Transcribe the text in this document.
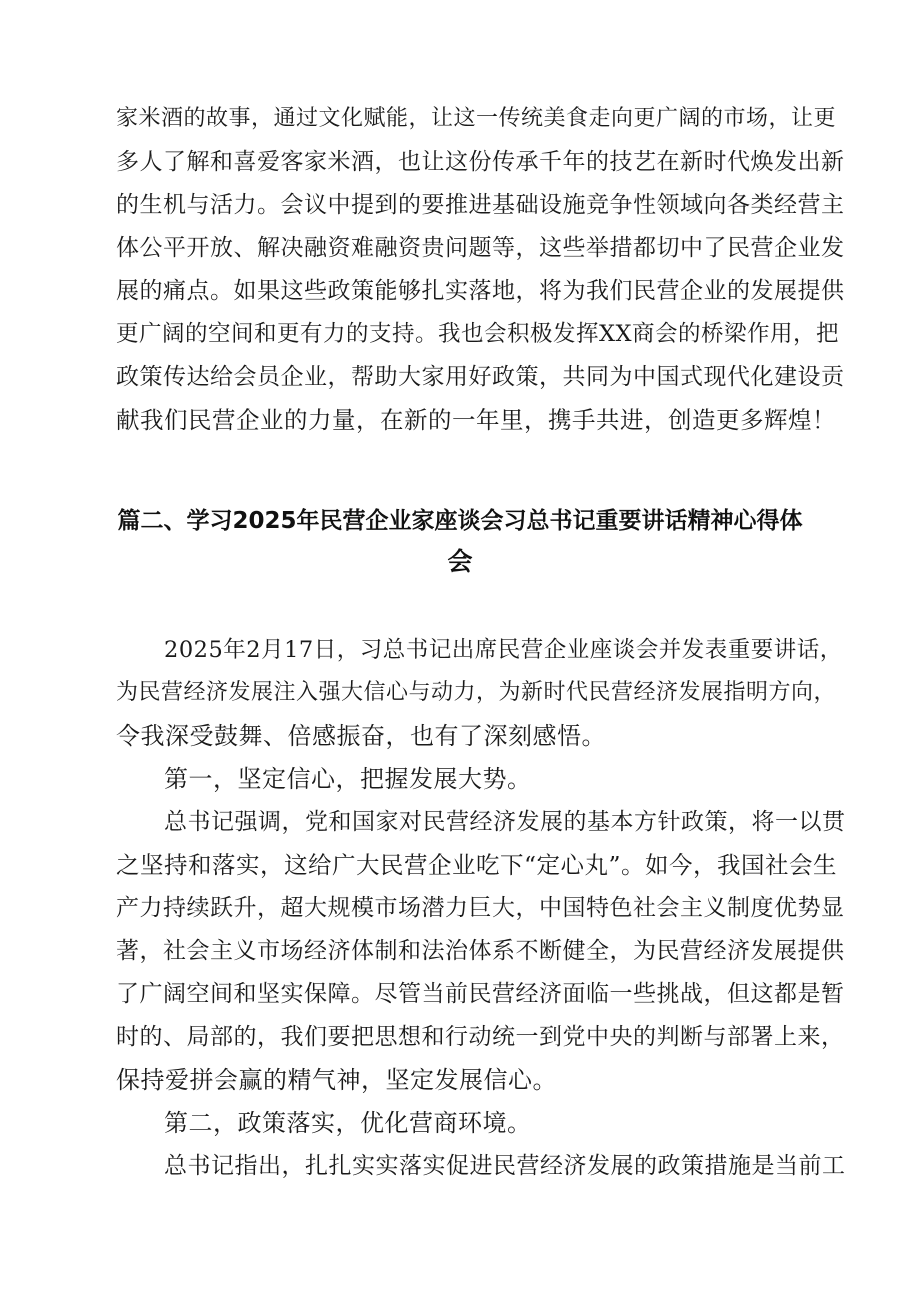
家米酒的故事，通过文化赋能，让这一传统美食走向更广阔的市场，让更
多人了解和喜爱客家米酒，也让这份传承千年的技艺在新时代焕发出新
的生机与活力。会议中提到的要推进基础设施竞争性领域向各类经营主
体公平开放、解决融资难融资贵问题等，这些举措都切中了民营企业发
展的痛点。如果这些政策能够扎实落地，将为我们民营企业的发展提供
更广阔的空间和更有力的支持。我也会积极发挥XX商会的桥梁作用，把
政策传达给会员企业，帮助大家用好政策，共同为中国式现代化建设贡
献我们民营企业的力量，在新的一年里，携手共进，创造更多辉煌！
篇二、学习2025年民营企业家座谈会习总书记重要讲话精神心得体
会
2025年2月17日，习总书记出席民营企业座谈会并发表重要讲话，
为民营经济发展注入强大信心与动力，为新时代民营经济发展指明方向，
令我深受鼓舞、倍感振奋，也有了深刻感悟。
第一，坚定信心，把握发展大势。
总书记强调，党和国家对民营经济发展的基本方针政策，将一以贯
之坚持和落实，这给广大民营企业吃下“定心丸”。如今，我国社会生
产力持续跃升，超大规模市场潜力巨大，中国特色社会主义制度优势显
著，社会主义市场经济体制和法治体系不断健全，为民营经济发展提供
了广阔空间和坚实保障。尽管当前民营经济面临一些挑战，但这都是暂
时的、局部的，我们要把思想和行动统一到党中央的判断与部署上来，
保持爱拼会赢的精气神，坚定发展信心。
第二，政策落实，优化营商环境。
总书记指出，扎扎实实落实促进民营经济发展的政策措施是当前工
